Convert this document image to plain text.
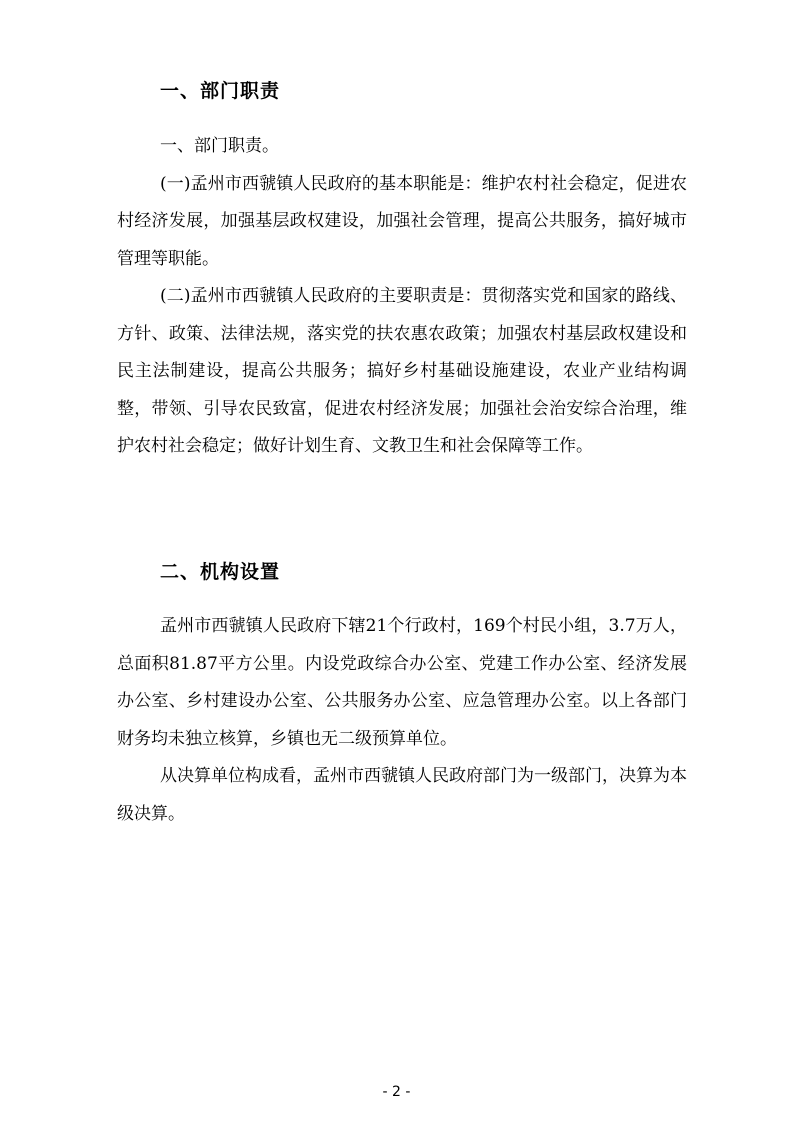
一、部门职责

一、部门职责。

(一)孟州市西虢镇人民政府的基本职能是：维护农村社会稳定，促进农村经济发展，加强基层政权建设，加强社会管理，提高公共服务，搞好城市管理等职能。

(二)孟州市西虢镇人民政府的主要职责是：贯彻落实党和国家的路线、方针、政策、法律法规，落实党的扶农惠农政策；加强农村基层政权建设和民主法制建设，提高公共服务；搞好乡村基础设施建设，农业产业结构调整，带领、引导农民致富，促进农村经济发展；加强社会治安综合治理，维护农村社会稳定；做好计划生育、文教卫生和社会保障等工作。

二、机构设置

孟州市西虢镇人民政府下辖21个行政村，169个村民小组，3.7万人，总面积81.87平方公里。内设党政综合办公室、党建工作办公室、经济发展办公室、乡村建设办公室、公共服务办公室、应急管理办公室。以上各部门财务均未独立核算，乡镇也无二级预算单位。

从决算单位构成看，孟州市西虢镇人民政府部门为一级部门，决算为本级决算。

- 2 -
